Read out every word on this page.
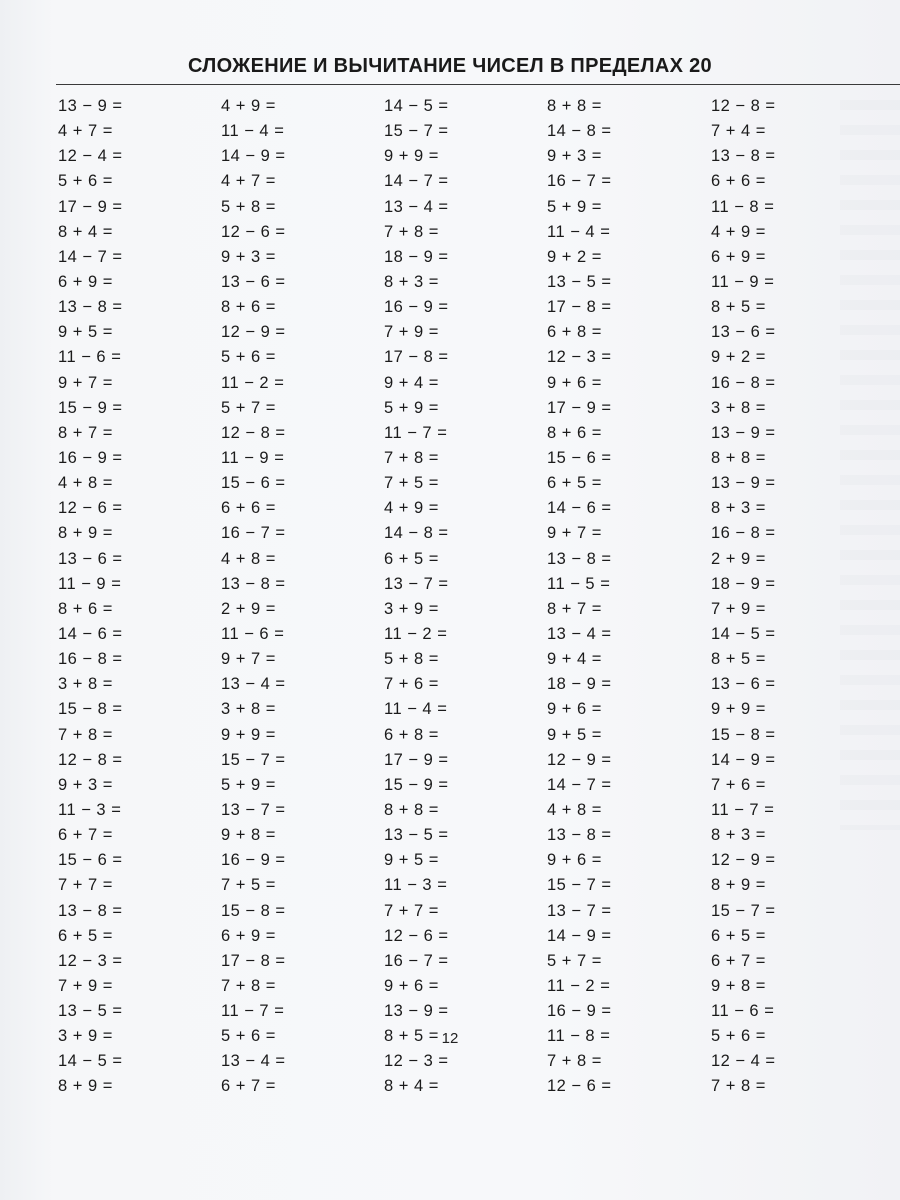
СЛОЖЕНИЕ И ВЫЧИТАНИЕ ЧИСЕЛ В ПРЕДЕЛАХ 20
13 − 9 =
4 + 7 =
12 − 4 =
5 + 6 =
17 − 9 =
8 + 4 =
14 − 7 =
6 + 9 =
13 − 8 =
9 + 5 =
11 − 6 =
9 + 7 =
15 − 9 =
8 + 7 =
16 − 9 =
4 + 8 =
12 − 6 =
8 + 9 =
13 − 6 =
11 − 9 =
8 + 6 =
14 − 6 =
16 − 8 =
3 + 8 =
15 − 8 =
7 + 8 =
12 − 8 =
9 + 3 =
11 − 3 =
6 + 7 =
15 − 6 =
7 + 7 =
13 − 8 =
6 + 5 =
12 − 3 =
7 + 9 =
13 − 5 =
3 + 9 =
14 − 5 =
8 + 9 =
4 + 9 =
11 − 4 =
14 − 9 =
4 + 7 =
5 + 8 =
12 − 6 =
9 + 3 =
13 − 6 =
8 + 6 =
12 − 9 =
5 + 6 =
11 − 2 =
5 + 7 =
12 − 8 =
11 − 9 =
15 − 6 =
6 + 6 =
16 − 7 =
4 + 8 =
13 − 8 =
2 + 9 =
11 − 6 =
9 + 7 =
13 − 4 =
3 + 8 =
9 + 9 =
15 − 7 =
5 + 9 =
13 − 7 =
9 + 8 =
16 − 9 =
7 + 5 =
15 − 8 =
6 + 9 =
17 − 8 =
7 + 8 =
11 − 7 =
5 + 6 =
13 − 4 =
6 + 7 =
14 − 5 =
15 − 7 =
9 + 9 =
14 − 7 =
13 − 4 =
7 + 8 =
18 − 9 =
8 + 3 =
16 − 9 =
7 + 9 =
17 − 8 =
9 + 4 =
5 + 9 =
11 − 7 =
7 + 8 =
7 + 5 =
4 + 9 =
14 − 8 =
6 + 5 =
13 − 7 =
3 + 9 =
11 − 2 =
5 + 8 =
7 + 6 =
11 − 4 =
6 + 8 =
17 − 9 =
15 − 9 =
8 + 8 =
13 − 5 =
9 + 5 =
11 − 3 =
7 + 7 =
12 − 6 =
16 − 7 =
9 + 6 =
13 − 9 =
8 + 5 =
12 − 3 =
8 + 4 =
8 + 8 =
14 − 8 =
9 + 3 =
16 − 7 =
5 + 9 =
11 − 4 =
9 + 2 =
13 − 5 =
17 − 8 =
6 + 8 =
12 − 3 =
9 + 6 =
17 − 9 =
8 + 6 =
15 − 6 =
6 + 5 =
14 − 6 =
9 + 7 =
13 − 8 =
11 − 5 =
8 + 7 =
13 − 4 =
9 + 4 =
18 − 9 =
9 + 6 =
9 + 5 =
12 − 9 =
14 − 7 =
4 + 8 =
13 − 8 =
9 + 6 =
15 − 7 =
13 − 7 =
14 − 9 =
5 + 7 =
11 − 2 =
16 − 9 =
11 − 8 =
7 + 8 =
12 − 6 =
12 − 8 =
7 + 4 =
13 − 8 =
6 + 6 =
11 − 8 =
4 + 9 =
6 + 9 =
11 − 9 =
8 + 5 =
13 − 6 =
9 + 2 =
16 − 8 =
3 + 8 =
13 − 9 =
8 + 8 =
13 − 9 =
8 + 3 =
16 − 8 =
2 + 9 =
18 − 9 =
7 + 9 =
14 − 5 =
8 + 5 =
13 − 6 =
9 + 9 =
15 − 8 =
14 − 9 =
7 + 6 =
11 − 7 =
8 + 3 =
12 − 9 =
8 + 9 =
15 − 7 =
6 + 5 =
6 + 7 =
9 + 8 =
11 − 6 =
5 + 6 =
12 − 4 =
7 + 8 =
12
